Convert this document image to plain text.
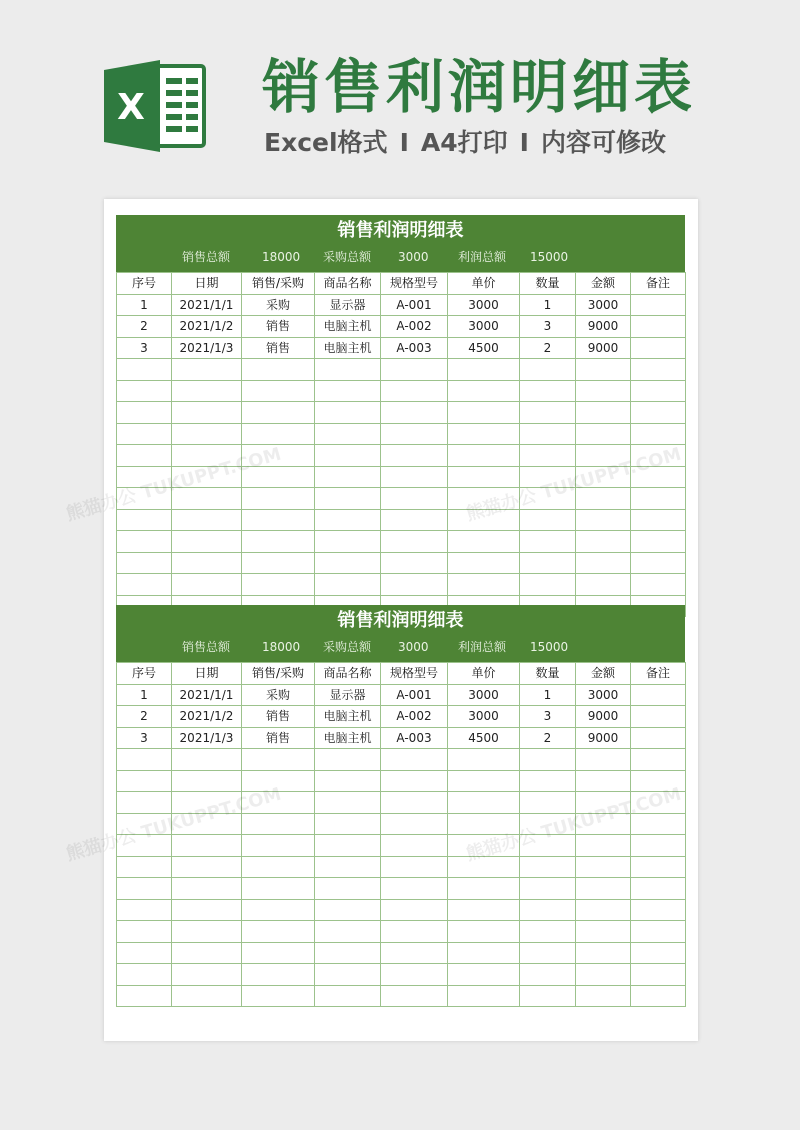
X 销售利润明细表
Excel格式 I A4打印 I 内容可修改
销售利润明细表
销售总额	18000 采购总额 3000 利润总额 15000
序号	日期	销售/采购	商品名称	规格型号	单价	数量	金额	备注
1	2021/1/1	采购	显示器	A-001	3000	1	3000	
2	2021/1/2	销售	电脑主机	A-002	3000	3	9000	
3	2021/1/3	销售	电脑主机	A-003	4500	2	9000	

销售利润明细表
销售总额	18000 采购总额 3000 利润总额 15000
序号	日期	销售/采购	商品名称	规格型号	单价	数量	金额	备注
1	2021/1/1	采购	显示器	A-001	3000	1	3000	
2	2021/1/2	销售	电脑主机	A-002	3000	3	9000	
3	2021/1/3	销售	电脑主机	A-003	4500	2	9000	

熊猫办公
熊猫办公
